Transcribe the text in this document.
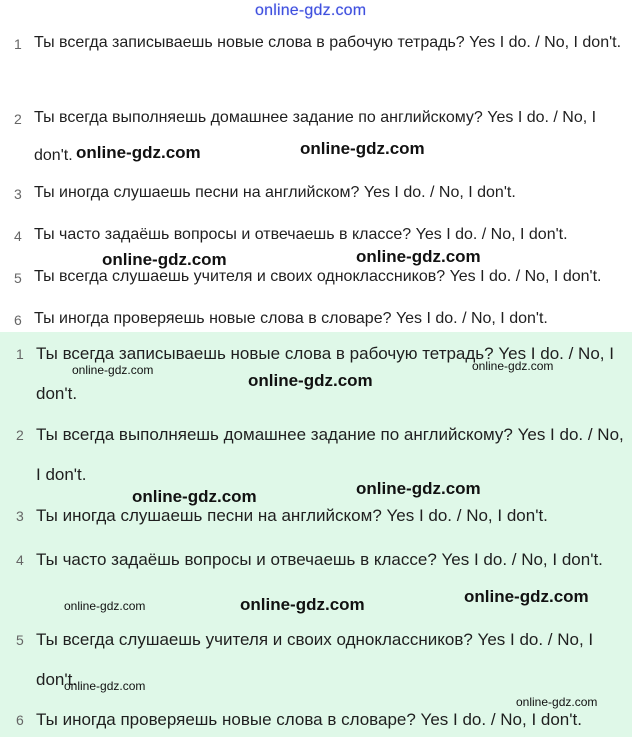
online-gdz.com
1 Ты всегда записываешь новые слова в рабочую тетрадь? Yes I do. / No, I don't.
2 Ты всегда выполняешь домашнее задание по английскому? Yes I do. / No, I don't.
3 Ты иногда слушаешь песни на английском? Yes I do. / No, I don't.
4 Ты часто задаёшь вопросы и отвечаешь в классе? Yes I do. / No, I don't.
5 Ты всегда слушаешь учителя и своих одноклассников? Yes I do. / No, I don't.
6 Ты иногда проверяешь новые слова в словаре? Yes I do. / No, I don't.
1 Ты всегда записываешь новые слова в рабочую тетрадь? Yes I do. / No, I don't.
2 Ты всегда выполняешь домашнее задание по английскому? Yes I do. / No, I don't.
3 Ты иногда слушаешь песни на английском? Yes I do. / No, I don't.
4 Ты часто задаёшь вопросы и отвечаешь в классе? Yes I do. / No, I don't.
5 Ты всегда слушаешь учителя и своих одноклассников? Yes I do. / No, I don't.
6 Ты иногда проверяешь новые слова в словаре? Yes I do. / No, I don't.
online-gdz.com	online-gdz.com
online-gdz.com	online-gdz.com
online-gdz.com
online-gdz.com
online-gdz.com
online-gdz.com	online-gdz.com
online-gdz.com	online-gdz.com	online-gdz.com
online-gdz.com
online-gdz.com
